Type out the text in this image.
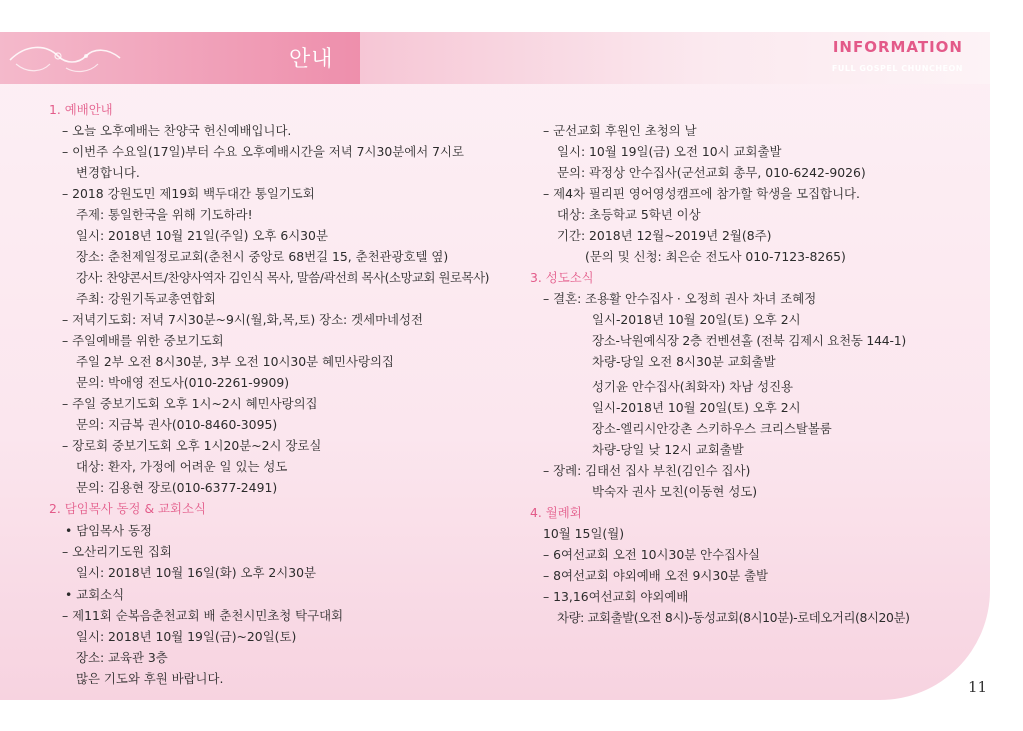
안내	INFORMATION
FULL GOSPEL CHUNCHEON
1. 예배안내
– 오늘 오후예배는 찬양국 헌신예배입니다.
– 이번주 수요일(17일)부터 수요 오후예배시간을 저녁 7시30분에서 7시로
변경합니다.
– 2018 강원도민 제19회 백두대간 통일기도회
주제: 통일한국을 위해 기도하라!
일시: 2018년 10월 21일(주일) 오후 6시30분
장소: 춘천제일정로교회(춘천시 중앙로 68번길 15, 춘천관광호텔 옆)
강사: 찬양콘서트/찬양사역자 김인식 목사, 말씀/곽선희 목사(소망교회 원로목사)
주최: 강원기독교총연합회
– 저녁기도회: 저녁 7시30분~9시(월,화,목,토) 장소: 겟세마네성전
– 주일예배를 위한 중보기도회
주일 2부 오전 8시30분, 3부 오전 10시30분 혜민사랑의집
문의: 박애영 전도사(010-2261-9909)
– 주일 중보기도회 오후 1시~2시 혜민사랑의집
문의: 지금복 권사(010-8460-3095)
– 장로회 중보기도회 오후 1시20분~2시 장로실
대상: 환자, 가정에 어려운 일 있는 성도
문의: 김용현 장로(010-6377-2491)
2. 담임목사 동정 & 교회소식
• 담임목사 동정
– 오산리기도원 집회
일시: 2018년 10월 16일(화) 오후 2시30분
• 교회소식
– 제11회 순복음춘천교회 배 춘천시민초청 탁구대회
일시: 2018년 10월 19일(금)~20일(토)
장소: 교육관 3층
많은 기도와 후원 바랍니다.
– 군선교회 후원인 초청의 날
일시: 10월 19일(금) 오전 10시 교회출발
문의: 곽정상 안수집사(군선교회 총무, 010-6242-9026)
– 제4차 필리핀 영어영성캠프에 참가할 학생을 모집합니다.
대상: 초등학교 5학년 이상
기간: 2018년 12월~2019년 2월(8주)
(문의 및 신청: 최은순 전도사 010-7123-8265)
3. 성도소식
– 결혼: 조용활 안수집사 · 오정희 권사 차녀 조혜정
일시-2018년 10월 20일(토) 오후 2시
장소-낙원예식장 2층 컨벤션홀 (전북 김제시 요천동 144-1)
차량-당일 오전 8시30분 교회출발
성기윤 안수집사(최화자) 차남 성진용
일시-2018년 10월 20일(토) 오후 2시
장소-엘리시안강촌 스키하우스 크리스탈볼룸
차량-당일 낮 12시 교회출발
– 장례: 김태선 집사 부친(김인수 집사)
박숙자 권사 모친(이동현 성도)
4. 월례회
10월 15일(월)
– 6여선교회 오전 10시30분 안수집사실
– 8여선교회 야외예배 오전 9시30분 출발
– 13,16여선교회 야외예배
차량: 교회출발(오전 8시)-동성교회(8시10분)-로데오거리(8시20분)
11
